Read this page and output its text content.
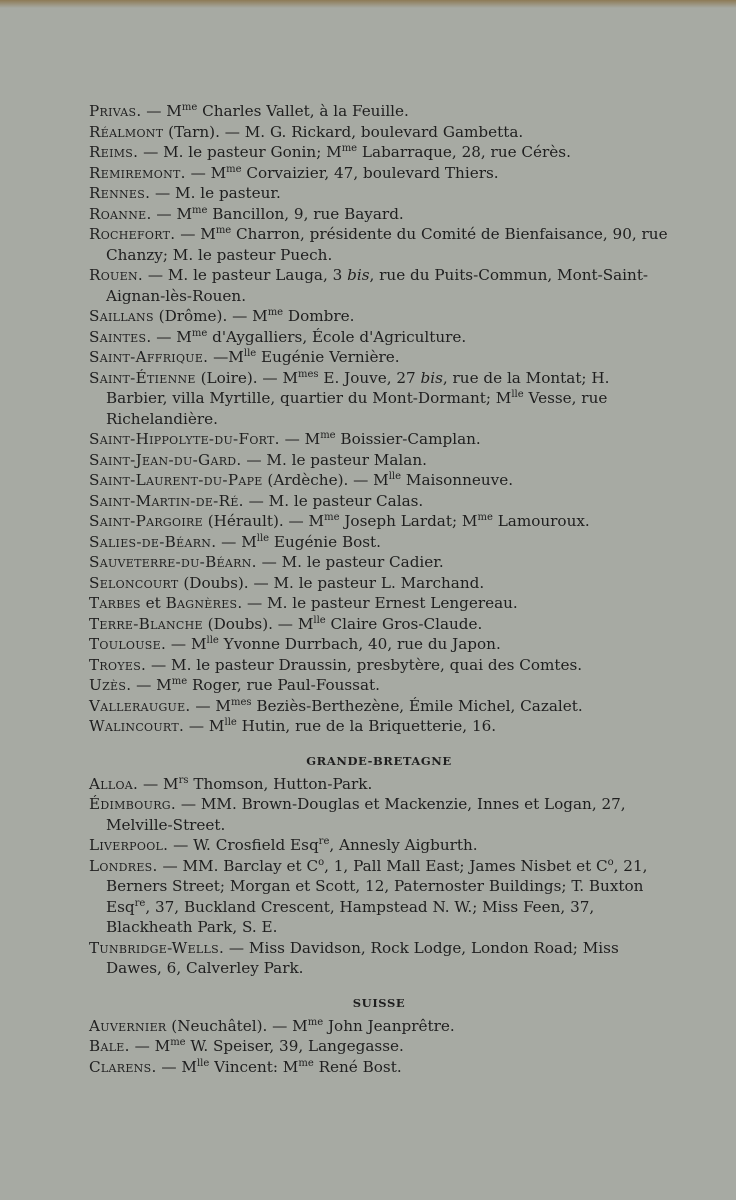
Privas. — $M^{me}$ Charles Vallet, à la Feuille.

Réalmont (Tarn). — M. G. Rickard, boulevard Gambetta.

Reims. — M. le pasteur Gonin; $M^{me}$ Labarraque, 28, rue Cérès.

Remiremont. — $M^{me}$ Corvaizier, 47, boulevard Thiers.

Rennes. — M. le pasteur.

Roanne. — $M^{me}$ Bancillon, 9, rue Bayard.

Rochefort. — $M^{me}$ Charron, présidente du Comité de Bienfaisance, 90, rue Chanzy; M. le pasteur Puech.

Rouen. — M. le pasteur Lauga, 3 bis, rue du Puits-Commun, Mont-Saint-Aignan-lès-Rouen.

Saillans (Drôme). — $M^{me}$ Dombre.

Saintes. — $M^{me}$ d'Aygalliers, École d'Agriculture.

Saint-Affrique. $—M^{lle}$ Eugénie Vernière.

Saint-Étienne (Loire). — $M^{mes}$ E. Jouve, 27 bis, rue de la Montat; H. Barbier, villa Myrtille, quartier du Mont-Dormant; $M^{lle}$ Vesse, rue Richelandière.

Saint-Hippolyte-du-Fort. — $M^{me}$ Boissier-Camplan.

Saint-Jean-du-Gard. — M. le pasteur Malan.

Saint-Laurent-du-Pape (Ardèche). — $M^{lle}$ Maisonneuve.

Saint-Martin-de-Ré. — M. le pasteur Calas.

Saint-Pargoire (Hérault). — $M^{me}$ Joseph Lardat; $M^{me}$ Lamouroux.

Salies-de-Béarn. — $M^{lle}$ Eugénie Bost.

Sauveterre-du-Béarn. — M. le pasteur Cadier.

Seloncourt (Doubs). — M. le pasteur L. Marchand.

Tarbes et Bagnères. — M. le pasteur Ernest Lengereau.

Terre-Blanche (Doubs). — $M^{lle}$ Claire Gros-Claude.

Toulouse. — $M^{lle}$ Yvonne Durrbach, 40, rue du Japon.

Troyes. — M. le pasteur Draussin, presbytère, quai des Comtes.

Uzès. — $M^{me}$ Roger, rue Paul-Foussat.

Valleraugue. — $M^{mes}$ Beziès-Berthezène, Émile Michel, Cazalet.

Walincourt. — $M^{lle}$ Hutin, rue de la Briquetterie, 16.

GRANDE-BRETAGNE

Alloa. — $M^{rs}$ Thomson, Hutton-Park.

Édimbourg. — MM. Brown-Douglas et Mackenzie, Innes et Logan, 27, Melville-Street.

Liverpool. — W. Crosfield Esq$^{re}$, Annesly Aigburth.

Londres. — MM. Barclay et $C^o$, 1, Pall Mall East; James Nisbet et $C^o$, 21, Berners Street; Morgan et Scott, 12, Paternoster Buildings; T. Buxton Esq$^{re}$, 37, Buckland Crescent, Hampstead N. W.; Miss Feen, 37, Blackheath Park, S. E.

Tunbridge-Wells. — Miss Davidson, Rock Lodge, London Road; Miss Dawes, 6, Calverley Park.

SUISSE

Auvernier (Neuchâtel). — $M^{me}$ John Jeanprêtre.

Bale. — $M^{me}$ W. Speiser, 39, Langegasse.

Clarens. — $M^{lle}$ Vincent: $M^{me}$ René Bost.
